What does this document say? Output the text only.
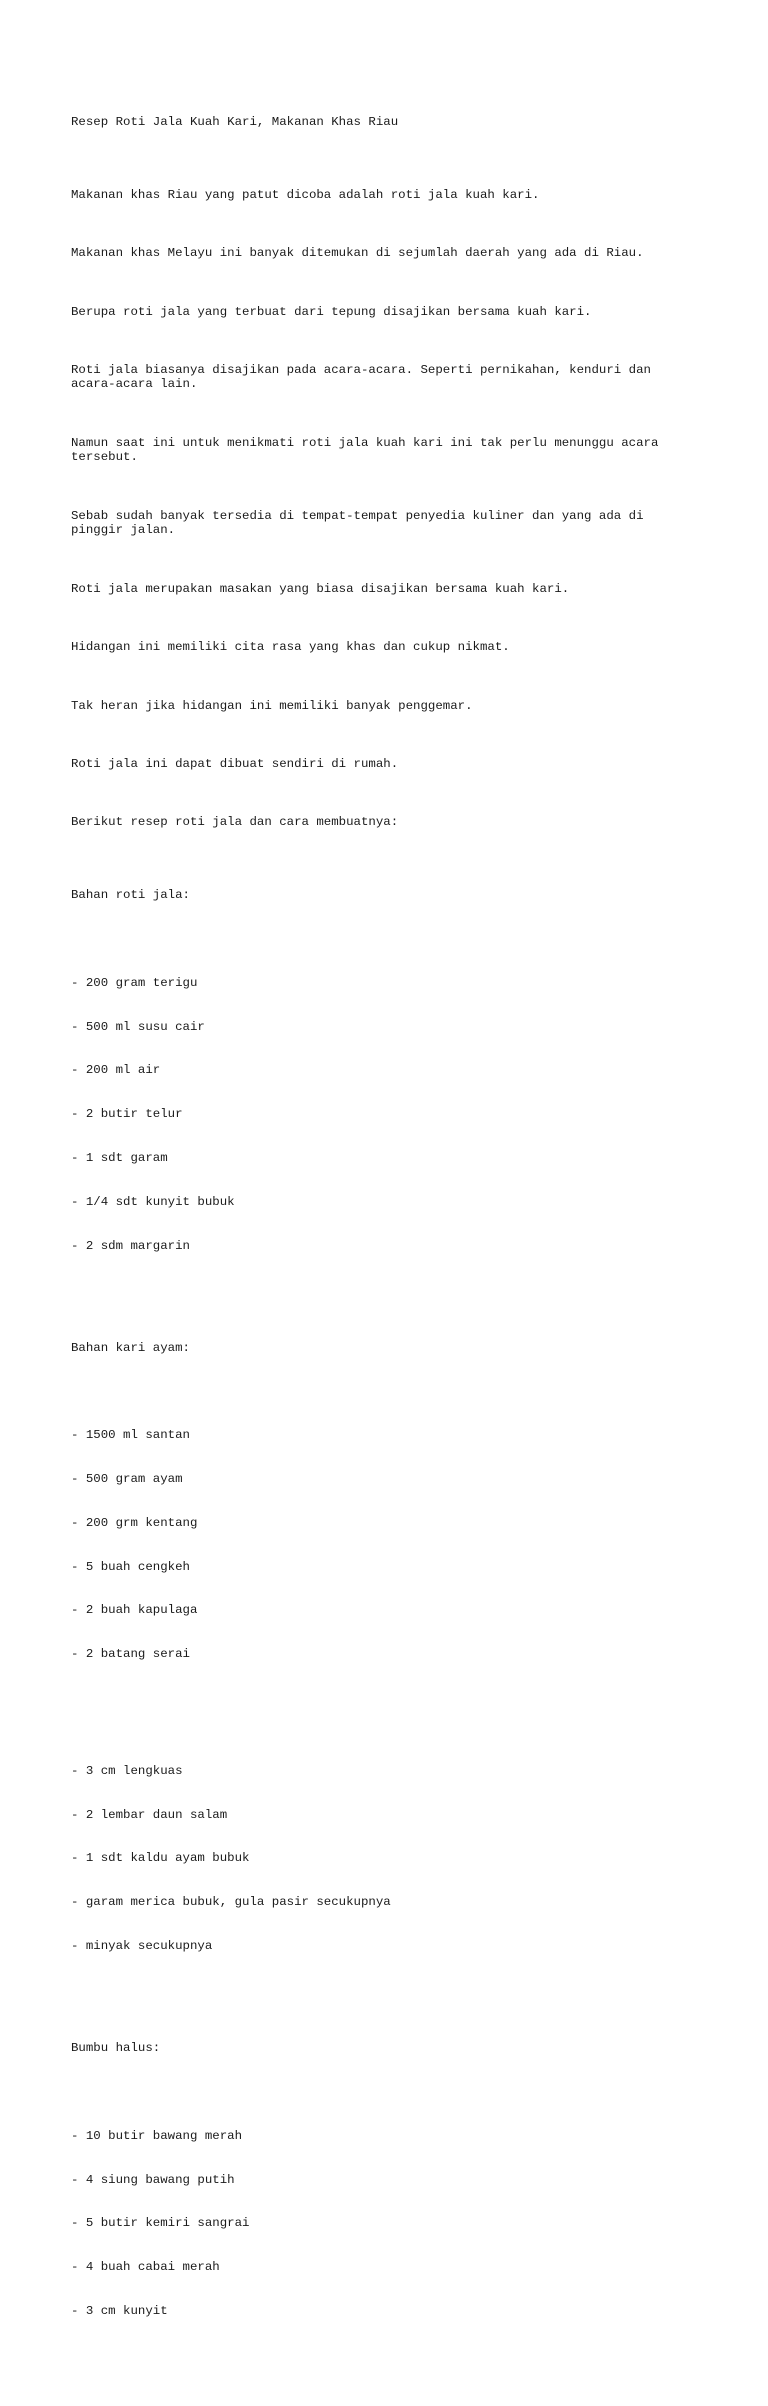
Resep Roti Jala Kuah Kari, Makanan Khas Riau

Makanan khas Riau yang patut dicoba adalah roti jala kuah kari.

Makanan khas Melayu ini banyak ditemukan di sejumlah daerah yang ada di Riau.

Berupa roti jala yang terbuat dari tepung disajikan bersama kuah kari.

Roti jala biasanya disajikan pada acara-acara. Seperti pernikahan, kenduri dan
acara-acara lain.

Namun saat ini untuk menikmati roti jala kuah kari ini tak perlu menunggu acara
tersebut.

Sebab sudah banyak tersedia di tempat-tempat penyedia kuliner dan yang ada di
pinggir jalan.

Roti jala merupakan masakan yang biasa disajikan bersama kuah kari.

Hidangan ini memiliki cita rasa yang khas dan cukup nikmat.

Tak heran jika hidangan ini memiliki banyak penggemar.

Roti jala ini dapat dibuat sendiri di rumah.

Berikut resep roti jala dan cara membuatnya:

Bahan roti jala:

- 200 gram terigu

- 500 ml susu cair

- 200 ml air

- 2 butir telur

- 1 sdt garam

- 1/4 sdt kunyit bubuk

- 2 sdm margarin

Bahan kari ayam:

- 1500 ml santan

- 500 gram ayam

- 200 grm kentang

- 5 buah cengkeh

- 2 buah kapulaga

- 2 batang serai

- 3 cm lengkuas

- 2 lembar daun salam

- 1 sdt kaldu ayam bubuk

- garam merica bubuk, gula pasir secukupnya

- minyak secukupnya

Bumbu halus:

- 10 butir bawang merah

- 4 siung bawang putih

- 5 butir kemiri sangrai

- 4 buah cabai merah

- 3 cm kunyit
